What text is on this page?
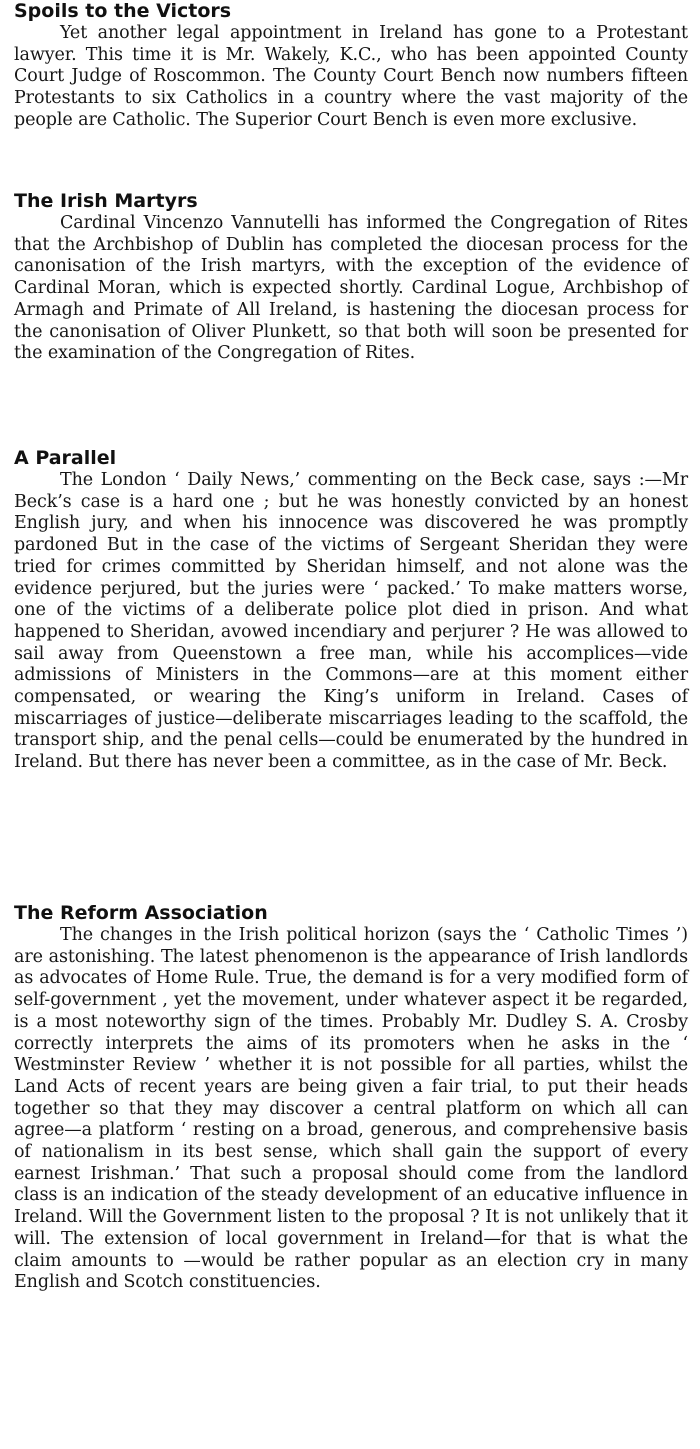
Spoils to the Victors

Yet another legal appointment in Ireland has gone to a Protestant lawyer. This time it is Mr. Wakely, K.C., who has been appointed County Court Judge of Roscommon. The County Court Bench now numbers fifteen Protestants to six Catholics in a country where the vast majority of the people are Catholic. The Superior Court Bench is even more exclusive.

The Irish Martyrs

Cardinal Vincenzo Vannutelli has informed the Congregation of Rites that the Archbishop of Dublin has completed the diocesan process for the canonisation of the Irish martyrs, with the exception of the evidence of Cardinal Moran, which is expected shortly. Cardinal Logue, Archbishop of Armagh and Primate of All Ireland, is hastening the diocesan process for the canonisation of Oliver Plunkett, so that both will soon be presented for the examination of the Congregation of Rites.

A Parallel

The London ‘ Daily News,’ commenting on the Beck case, says :—Mr Beck’s case is a hard one ; but he was honestly convicted by an honest English jury, and when his innocence was discovered he was promptly pardoned But in the case of the victims of Sergeant Sheridan they were tried for crimes committed by Sheridan himself, and not alone was the evidence perjured, but the juries were ‘ packed.’ To make matters worse, one of the victims of a deliberate police plot died in prison. And what happened to Sheridan, avowed incendiary and perjurer ? He was allowed to sail away from Queenstown a free man, while his accomplices—vide admissions of Ministers in the Commons—are at this moment either compensated, or wearing the King’s uniform in Ireland. Cases of miscarriages of justice—deliberate miscarriages leading to the scaffold, the transport ship, and the penal cells—could be enumerated by the hundred in Ireland. But there has never been a committee, as in the case of Mr. Beck.

The Reform Association

The changes in the Irish political horizon (says the ‘ Catholic Times ’) are astonishing. The latest phenomenon is the appearance of Irish landlords as advocates of Home Rule. True, the demand is for a very modified form of self-government , yet the movement, under whatever aspect it be regarded, is a most noteworthy sign of the times. Probably Mr. Dudley S. A. Crosby correctly interprets the aims of its promoters when he asks in the ‘ Westminster Review ’ whether it is not possible for all parties, whilst the Land Acts of recent years are being given a fair trial, to put their heads together so that they may discover a central platform on which all can agree—a platform ‘ resting on a broad, generous, and comprehensive basis of nationalism in its best sense, which shall gain the support of every earnest Irishman.’ That such a proposal should come from the landlord class is an indication of the steady development of an educative influence in Ireland. Will the Government listen to the proposal ? It is not unlikely that it will. The extension of local government in Ireland—for that is what the claim amounts to —would be rather popular as an election cry in many English and Scotch constituencies.
